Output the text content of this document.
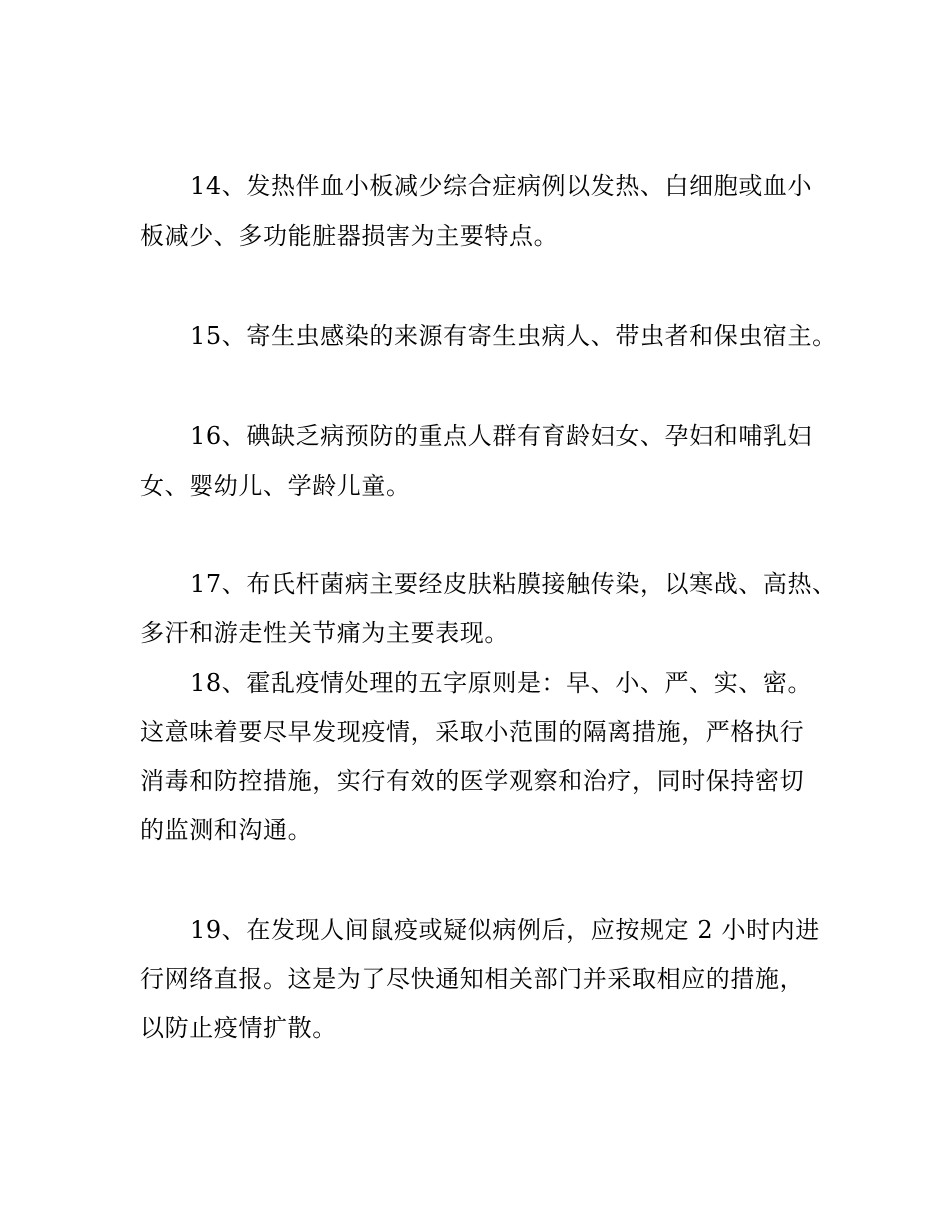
14、发热伴血小板减少综合症病例以发热、白细胞或血小

板减少、多功能脏器损害为主要特点。

15、寄生虫感染的来源有寄生虫病人、带虫者和保虫宿主。

16、碘缺乏病预防的重点人群有育龄妇女、孕妇和哺乳妇

女、婴幼儿、学龄儿童。

17、布氏杆菌病主要经皮肤粘膜接触传染，以寒战、高热、

多汗和游走性关节痛为主要表现。

18、霍乱疫情处理的五字原则是：早、小、严、实、密。

这意味着要尽早发现疫情，采取小范围的隔离措施，严格执行

消毒和防控措施，实行有效的医学观察和治疗，同时保持密切

的监测和沟通。

19、在发现人间鼠疫或疑似病例后，应按规定 2 小时内进

行网络直报。这是为了尽快通知相关部门并采取相应的措施，

以防止疫情扩散。
